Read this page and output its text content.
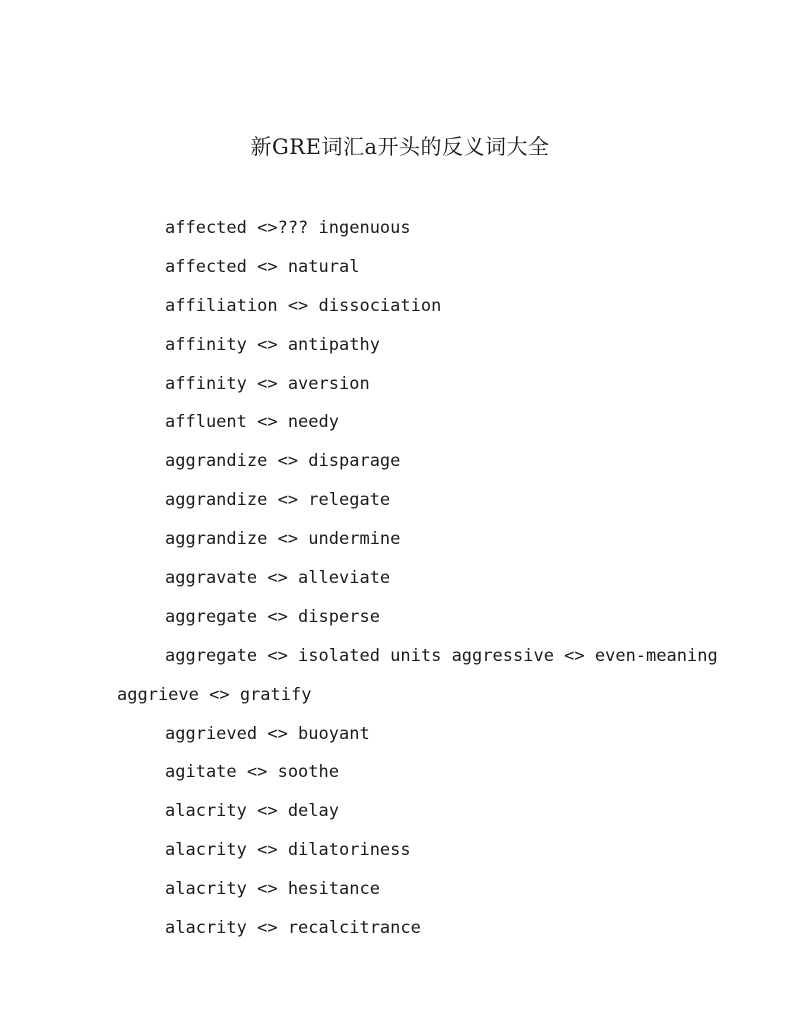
新GRE词汇a开头的反义词大全
affected <>??? ingenuous
affected <> natural
affiliation <> dissociation
affinity <> antipathy
affinity <> aversion
affluent <> needy
aggrandize <> disparage
aggrandize <> relegate
aggrandize <> undermine
aggravate <> alleviate
aggregate <> disperse
aggregate <> isolated units aggressive <> even-meaning
aggrieve <> gratify
aggrieved <> buoyant
agitate <> soothe
alacrity <> delay
alacrity <> dilatoriness
alacrity <> hesitance
alacrity <> recalcitrance
